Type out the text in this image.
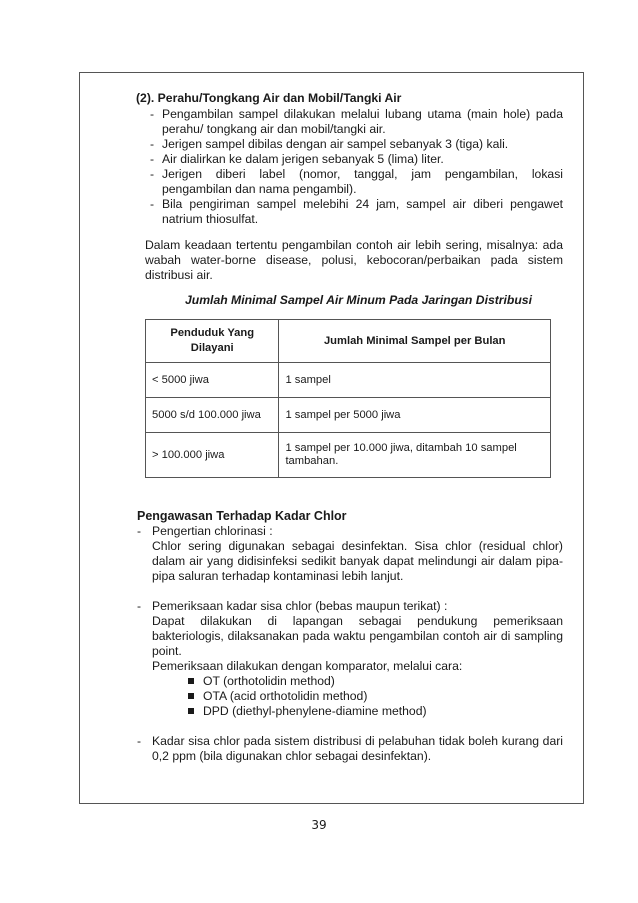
(2). Perahu/Tongkang Air dan Mobil/Tangki Air
- Pengambilan sampel dilakukan melalui lubang utama (main hole) pada perahu/ tongkang air dan mobil/tangki air.
- Jerigen sampel dibilas dengan air sampel sebanyak 3 (tiga) kali.
- Air dialirkan ke dalam jerigen sebanyak 5 (lima) liter.
- Jerigen diberi label (nomor, tanggal, jam pengambilan, lokasi pengambilan dan nama pengambil).
- Bila pengiriman sampel melebihi 24 jam, sampel air diberi pengawet natrium thiosulfat.

Dalam keadaan tertentu pengambilan contoh air lebih sering, misalnya: ada wabah water-borne disease, polusi, kebocoran/perbaikan pada sistem distribusi air.

Jumlah Minimal Sampel Air Minum Pada Jaringan Distribusi
Penduduk Yang Dilayani	Jumlah Minimal Sampel per Bulan
< 5000 jiwa	1 sampel
5000 s/d 100.000 jiwa	1 sampel per 5000 jiwa
> 100.000 jiwa	1 sampel per 10.000 jiwa, ditambah 10 sampel tambahan.
Pengawasan Terhadap Kadar Chlor
- Pengertian chlorinasi :
Chlor sering digunakan sebagai desinfektan. Sisa chlor (residual chlor) dalam air yang didisinfeksi sedikit banyak dapat melindungi air dalam pipa-pipa saluran terhadap kontaminasi lebih lanjut.
- Pemeriksaan kadar sisa chlor (bebas maupun terikat) :
Dapat dilakukan di lapangan sebagai pendukung pemeriksaan bakteriologis, dilaksanakan pada waktu pengambilan contoh air di sampling point.
Pemeriksaan dilakukan dengan komparator, melalui cara:
OT (orthotolidin method)
OTA (acid orthotolidin method)
DPD (diethyl-phenylene-diamine method)
- Kadar sisa chlor pada sistem distribusi di pelabuhan tidak boleh kurang dari 0,2 ppm (bila digunakan chlor sebagai desinfektan).
39
